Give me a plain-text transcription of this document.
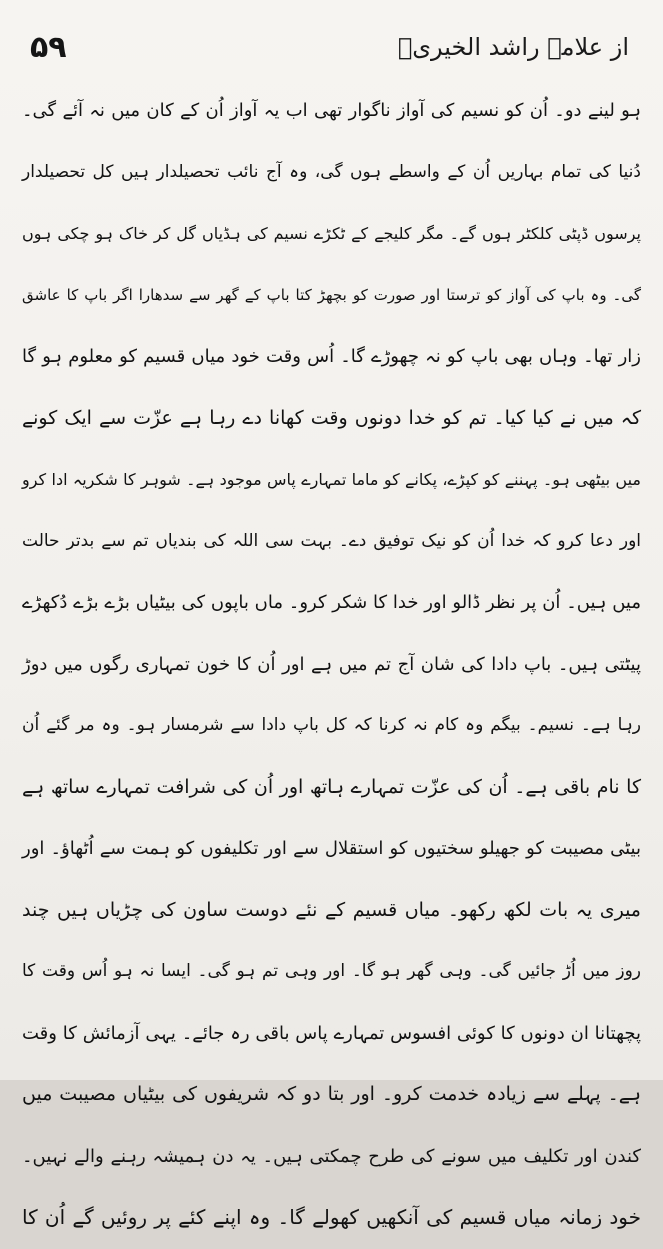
۵۹	از علامہ راشد الخیریؒ
ہو لینے دو۔ اُن کو نسیم کی آواز ناگوار تھی اب یہ آواز اُن کے کان میں نہ آئے گی۔
دُنیا کی تمام بہاریں اُن کے واسطے ہوں گی، وہ آج نائب تحصیلدار ہیں کل تحصیلدار
پرسوں ڈپٹی کلکٹر ہوں گے۔ مگر کلیجے کے ٹکڑے نسیم کی ہڈیاں گل کر خاک ہو چکی ہوں
گی۔ وہ باپ کی آواز کو ترستا اور صورت کو بچھڑ کتا باپ کے گھر سے سدھارا اگر باپ کا عاشق
زار تھا۔ وہاں بھی باپ کو نہ چھوڑے گا۔ اُس وقت خود میاں قسیم کو معلوم ہو گا
کہ میں نے کیا کیا۔ تم کو خدا دونوں وقت کھانا دے رہا ہے عزّت سے ایک کونے
میں بیٹھی ہو۔ پہننے کو کپڑے، پکانے کو ماما تمہارے پاس موجود ہے۔ شوہر کا شکریہ ادا کرو
اور دعا کرو کہ خدا اُن کو نیک توفیق دے۔ بہت سی اللہ کی بندیاں تم سے بدتر حالت
میں ہیں۔ اُن پر نظر ڈالو اور خدا کا شکر کرو۔ ماں باپوں کی بیٹیاں بڑے بڑے دُکھڑے
پیٹتی ہیں۔ باپ دادا کی شان آج تم میں ہے اور اُن کا خون تمہاری رگوں میں دوڑ
رہا ہے۔ نسیم۔ بیگم وہ کام نہ کرنا کہ کل باپ دادا سے شرمسار ہو۔ وہ مر گئے اُن
کا نام باقی ہے۔ اُن کی عزّت تمہارے ہاتھ اور اُن کی شرافت تمہارے ساتھ ہے
بیٹی مصیبت کو جھیلو سختیوں کو استقلال سے اور تکلیفوں کو ہمت سے اُٹھاؤ۔ اور
میری یہ بات لکھ رکھو۔ میاں قسیم کے نئے دوست ساون کی چڑیاں ہیں چند
روز میں اُڑ جائیں گی۔ وہی گھر ہو گا۔ اور وہی تم ہو گی۔ ایسا نہ ہو اُس وقت کا
پچھتانا ان دونوں کا کوئی افسوس تمہارے پاس باقی رہ جائے۔ یہی آزمائش کا وقت
ہے۔ پہلے سے زیادہ خدمت کرو۔ اور بتا دو کہ شریفوں کی بیٹیاں مصیبت میں
کندن اور تکلیف میں سونے کی طرح چمکتی ہیں۔ یہ دن ہمیشہ رہنے والے نہیں۔
خود زمانہ میاں قسیم کی آنکھیں کھولے گا۔ وہ اپنے کئے پر روئیں گے اُن کا
